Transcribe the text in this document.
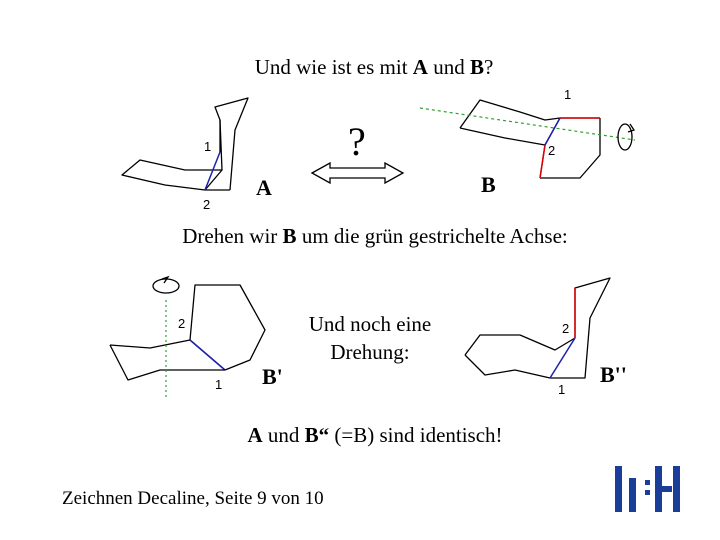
Und wie ist es mit A und B?
?
A
1
2
B
1
2
B'
2
1	B''
2
1
Drehen wir B um die grün gestrichelte Achse:
Und noch eine
Drehung:
A und B“ (=B) sind identisch!
Zeichnen Decaline, Seite 9 von 10
